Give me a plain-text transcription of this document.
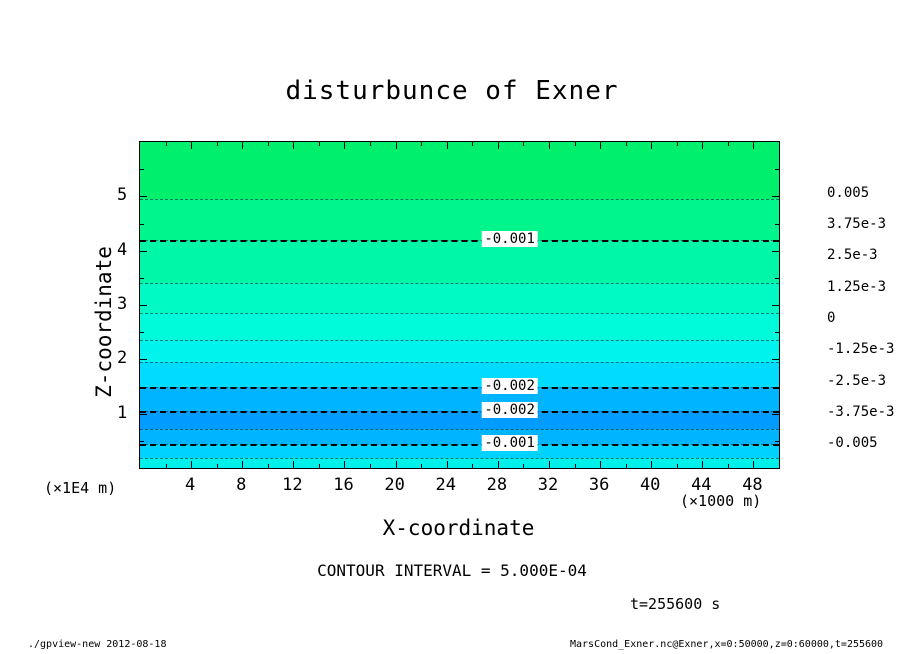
disturbunce of Exner
4 8 12 16 20 24 28 32 36 40 44 48
1
2
3
4
5
-0.001
-0.002
-0.002
-0.001
Z-coordinate
X-coordinate
(×1E4 m)
(×1000 m)
CONTOUR INTERVAL = 5.000E-04
t=255600 s
./gpview-new 2012-08-18	MarsCond_Exner.nc@Exner,x=0:50000,z=0:60000,t=255600
0.005
3.75e-3
2.5e-3
1.25e-3
0
-1.25e-3
-2.5e-3
-3.75e-3
-0.005
